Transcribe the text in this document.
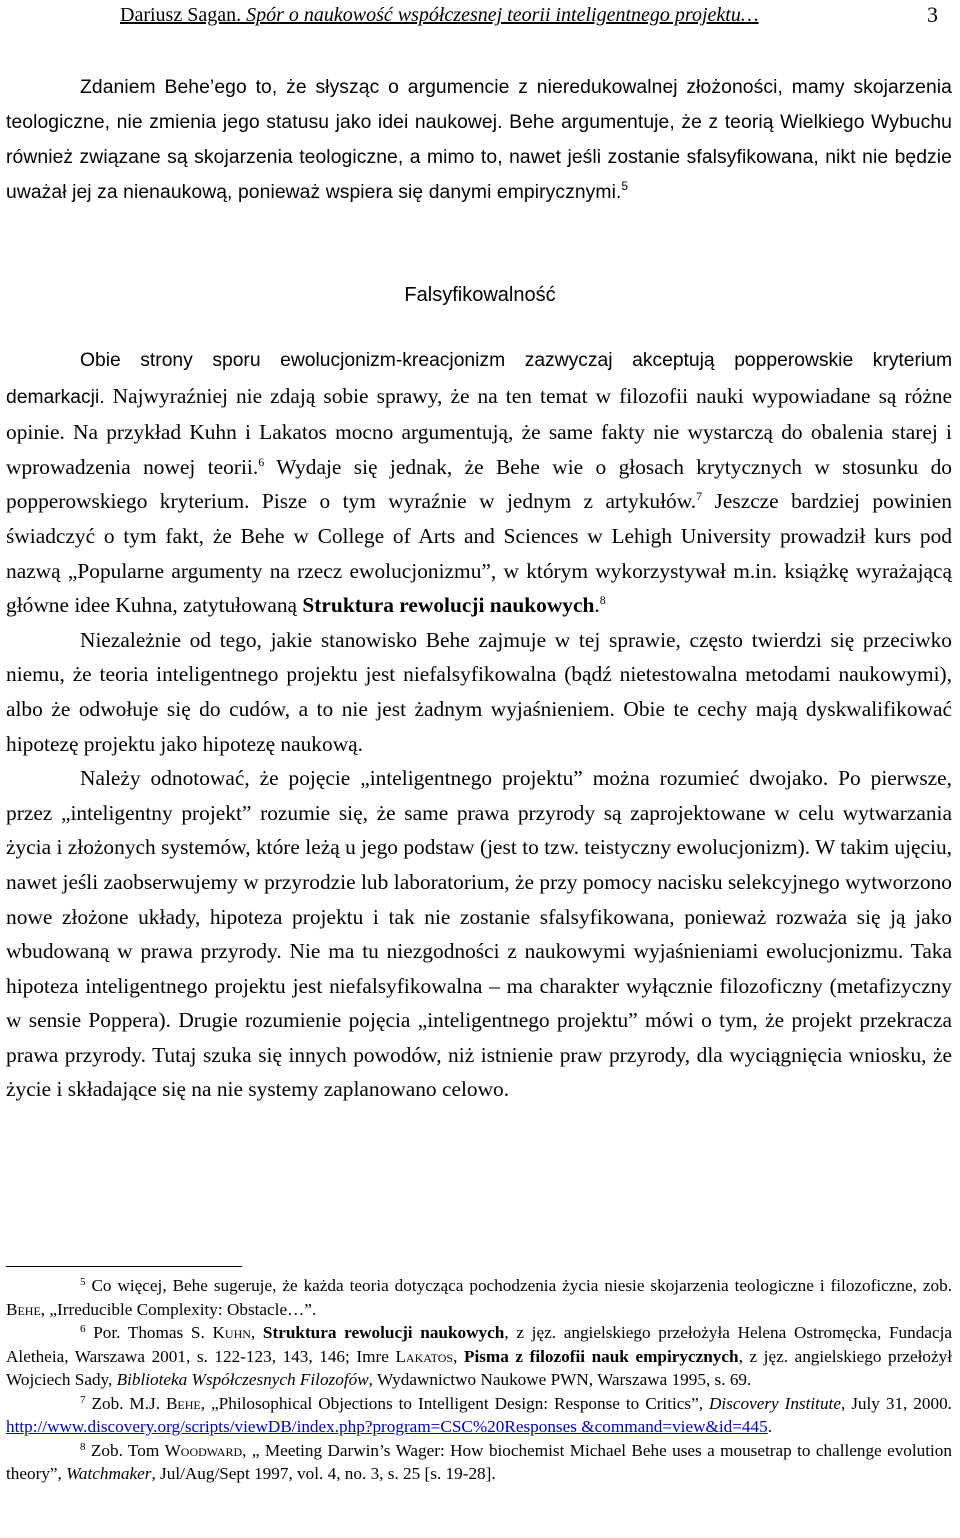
Dariusz Sagan. Spór o naukowość współczesnej teorii inteligentnego projektu…	3

Zdaniem Behe’ego to, że słysząc o argumencie z nieredukowalnej złożoności, mamy skojarzenia teologiczne, nie zmienia jego statusu jako idei naukowej. Behe argumentuje, że z teorią Wielkiego Wybuchu również związane są skojarzenia teologiczne, a mimo to, nawet jeśli zostanie sfalsyfikowana, nikt nie będzie uważał jej za nienaukową, ponieważ wspiera się danymi empirycznymi.$^5$

Falsyfikowalność

Obie strony sporu ewolucjonizm-kreacjonizm zazwyczaj akceptują popperowskie kryterium demarkacji. Najwyraźniej nie zdają sobie sprawy, że na ten temat w filozofii nauki wypowiadane są różne opinie. Na przykład Kuhn i Lakatos mocno argumentują, że same fakty nie wystarczą do obalenia starej i wprowadzenia nowej teorii.$^6$ Wydaje się jednak, że Behe wie o głosach krytycznych w stosunku do popperowskiego kryterium. Pisze o tym wyraźnie w jednym z artykułów.$^7$ Jeszcze bardziej powinien świadczyć o tym fakt, że Behe w College of Arts and Sciences w Lehigh University prowadził kurs pod nazwą „Popularne argumenty na rzecz ewolucjonizmu”, w którym wykorzystywał m.in. książkę wyrażającą główne idee Kuhna, zatytułowaną Struktura rewolucji naukowych.$^8$

Niezależnie od tego, jakie stanowisko Behe zajmuje w tej sprawie, często twierdzi się przeciwko niemu, że teoria inteligentnego projektu jest niefalsyfikowalna (bądź nietestowalna metodami naukowymi), albo że odwołuje się do cudów, a to nie jest żadnym wyjaśnieniem. Obie te cechy mają dyskwalifikować hipotezę projektu jako hipotezę naukową.

Należy odnotować, że pojęcie „inteligentnego projektu” można rozumieć dwojako. Po pierwsze, przez „inteligentny projekt” rozumie się, że same prawa przyrody są zaprojektowane w celu wytwarzania życia i złożonych systemów, które leżą u jego podstaw (jest to tzw. teistyczny ewolucjonizm). W takim ujęciu, nawet jeśli zaobserwujemy w przyrodzie lub laboratorium, że przy pomocy nacisku selekcyjnego wytworzono nowe złożone układy, hipoteza projektu i tak nie zostanie sfalsyfikowana, ponieważ rozważa się ją jako wbudowaną w prawa przyrody. Nie ma tu niezgodności z naukowymi wyjaśnieniami ewolucjonizmu. Taka hipoteza inteligentnego projektu jest niefalsyfikowalna – ma charakter wyłącznie filozoficzny (metafizyczny w sensie Poppera). Drugie rozumienie pojęcia „inteligentnego projektu” mówi o tym, że projekt przekracza prawa przyrody. Tutaj szuka się innych powodów, niż istnienie praw przyrody, dla wyciągnięcia wniosku, że życie i składające się na nie systemy zaplanowano celowo.

$^5$ Co więcej, Behe sugeruje, że każda teoria dotycząca pochodzenia życia niesie skojarzenia teologiczne i filozoficzne, zob. Behe, „Irreducible Complexity: Obstacle…”.

$^6$ Por. Thomas S. Kuhn, Struktura rewolucji naukowych, z jęz. angielskiego przełożyła Helena Ostromęcka, Fundacja Aletheia, Warszawa 2001, s. 122-123, 143, 146; Imre Lakatos, Pisma z filozofii nauk empirycznych, z jęz. angielskiego przełożył Wojciech Sady, Biblioteka Współczesnych Filozofów, Wydawnictwo Naukowe PWN, Warszawa 1995, s. 69.

$^7$ Zob. M.J. Behe, „Philosophical Objections to Intelligent Design: Response to Critics”, Discovery Institute, July 31, 2000. http://www.discovery.org/scripts/viewDB/index.php?program=CSC%20Responses &command=view&id=445.

$^8$ Zob. Tom Woodward, „ Meeting Darwin’s Wager: How biochemist Michael Behe uses a mousetrap to challenge evolution theory”, Watchmaker, Jul/Aug/Sept 1997, vol. 4, no. 3, s. 25 [s. 19-28].
